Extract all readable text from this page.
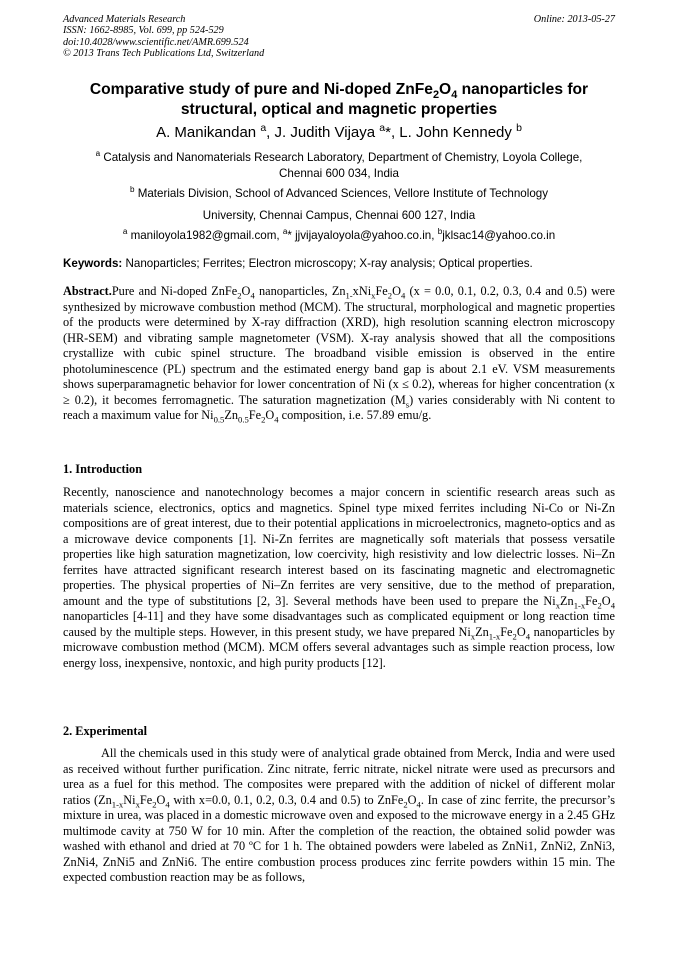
Advanced Materials Research
ISSN: 1662-8985, Vol. 699, pp 524-529
doi:10.4028/www.scientific.net/AMR.699.524
© 2013 Trans Tech Publications Ltd, Switzerland
Online: 2013-05-27
Comparative study of pure and Ni-doped $ZnFe_2O_4$ nanoparticles for
structural, optical and magnetic properties
A. Manikandan $^a$, J. Judith Vijaya $^a$*, L. John Kennedy $^b$
$^a$ Catalysis and Nanomaterials Research Laboratory, Department of Chemistry, Loyola College,
Chennai 600 034, India
$^b$ Materials Division, School of Advanced Sciences, Vellore Institute of Technology
University, Chennai Campus, Chennai 600 127, India
$^a$ maniloyola1982@gmail.com, $^a$* jjvijayaloyola@yahoo.co.in, $^b$jklsac14@yahoo.co.in
Keywords: Nanoparticles; Ferrites; Electron microscopy; X-ray analysis; Optical properties.
Abstract.Pure and Ni-doped $ZnFe_2O_4$ nanoparticles, $Zn_{1-}xNi_xFe_2O_4$ (x = 0.0, 0.1, 0.2, 0.3, 0.4 and 0.5) were synthesized by microwave combustion method (MCM). The structural, morphological and magnetic properties of the products were determined by X-ray diffraction (XRD), high resolution scanning electron microscopy (HR-SEM) and vibrating sample magnetometer (VSM). X-ray analysis showed that all the compositions crystallize with cubic spinel structure. The broadband visible emission is observed in the entire photoluminescence (PL) spectrum and the estimated energy band gap is about 2.1 eV. VSM measurements shows superparamagnetic behavior for lower concentration of Ni (x ≤ 0.2), whereas for higher concentration (x ≥ 0.2), it becomes ferromagnetic. The saturation magnetization $(M_s)$ varies considerably with Ni content to reach a maximum value for $Ni_{0.5}Zn_{0.5}Fe_2O_4$ composition, i.e. 57.89 emu/g.
1. Introduction
Recently, nanoscience and nanotechnology becomes a major concern in scientific research areas such as materials science, electronics, optics and magnetics. Spinel type mixed ferrites including Ni-Co or Ni-Zn compositions are of great interest, due to their potential applications in microelectronics, magneto-optics and as a microwave device components [1]. Ni-Zn ferrites are magnetically soft materials that possess versatile properties like high saturation magnetization, low coercivity, high resistivity and low dielectric losses. Ni–Zn ferrites have attracted significant research interest based on its fascinating magnetic and electromagnetic properties. The physical properties of Ni–Zn ferrites are very sensitive, due to the method of preparation, amount and the type of substitutions [2, 3]. Several methods have been used to prepare the $Ni_xZn_{1-x}Fe_2O_4$ nanoparticles [4-11] and they have some disadvantages such as complicated equipment or long reaction time caused by the multiple steps. However, in this present study, we have prepared $Ni_xZn_{1-x}Fe_2O_4$ nanoparticles by microwave combustion method (MCM). MCM offers several advantages such as simple reaction process, low energy loss, inexpensive, nontoxic, and high purity products [12].
2. Experimental
All the chemicals used in this study were of analytical grade obtained from Merck, India and were used as received without further purification. Zinc nitrate, ferric nitrate, nickel nitrate were used as precursors and urea as a fuel for this method. The composites were prepared with the addition of nickel of different molar ratios ($Zn_{1-x}Ni_xFe_2O_4$ with x=0.0, 0.1, 0.2, 0.3, 0.4 and 0.5) to $ZnFe_2O_4$. In case of zinc ferrite, the precursor’s mixture in urea, was placed in a domestic microwave oven and exposed to the microwave energy in a 2.45 GHz multimode cavity at 750 W for 10 min. After the completion of the reaction, the obtained solid powder was washed with ethanol and dried at 70 ºC for 1 h. The obtained powders were labeled as ZnNi1, ZnNi2, ZnNi3, ZnNi4, ZnNi5 and ZnNi6. The entire combustion process produces zinc ferrite powders within 15 min. The expected combustion reaction may be as follows,
